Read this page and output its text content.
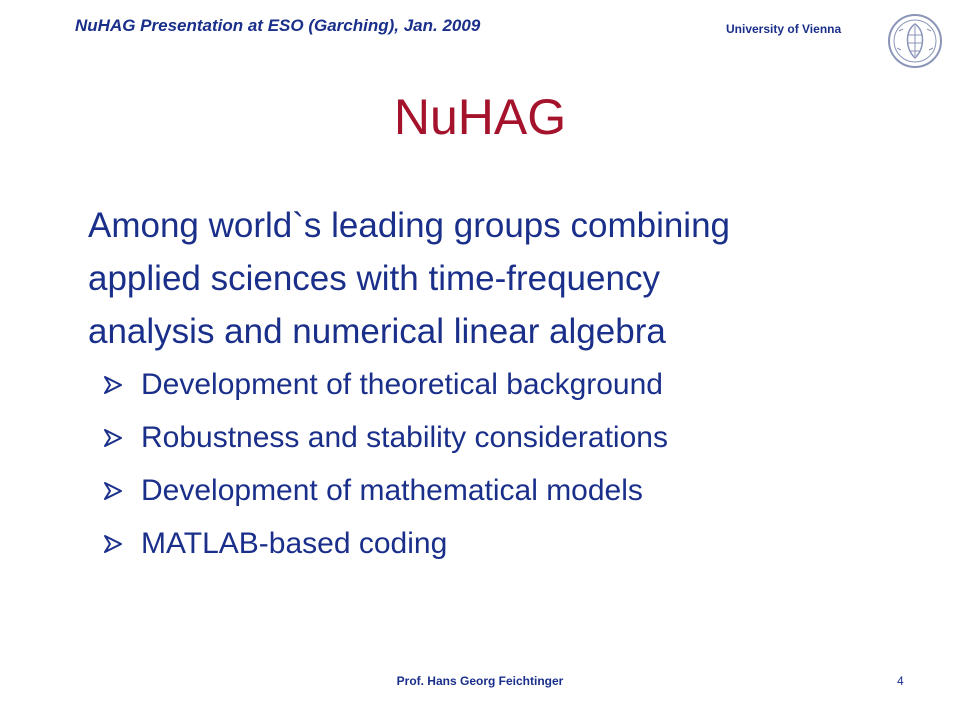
NuHAG Presentation at ESO (Garching), Jan. 2009	University of Vienna
NuHAG
Among world`s leading groups combining
applied sciences with time-frequency
analysis and numerical linear algebra
Development of theoretical background
Robustness and stability considerations
Development of mathematical models
MATLAB-based coding
Prof. Hans Georg Feichtinger	4
